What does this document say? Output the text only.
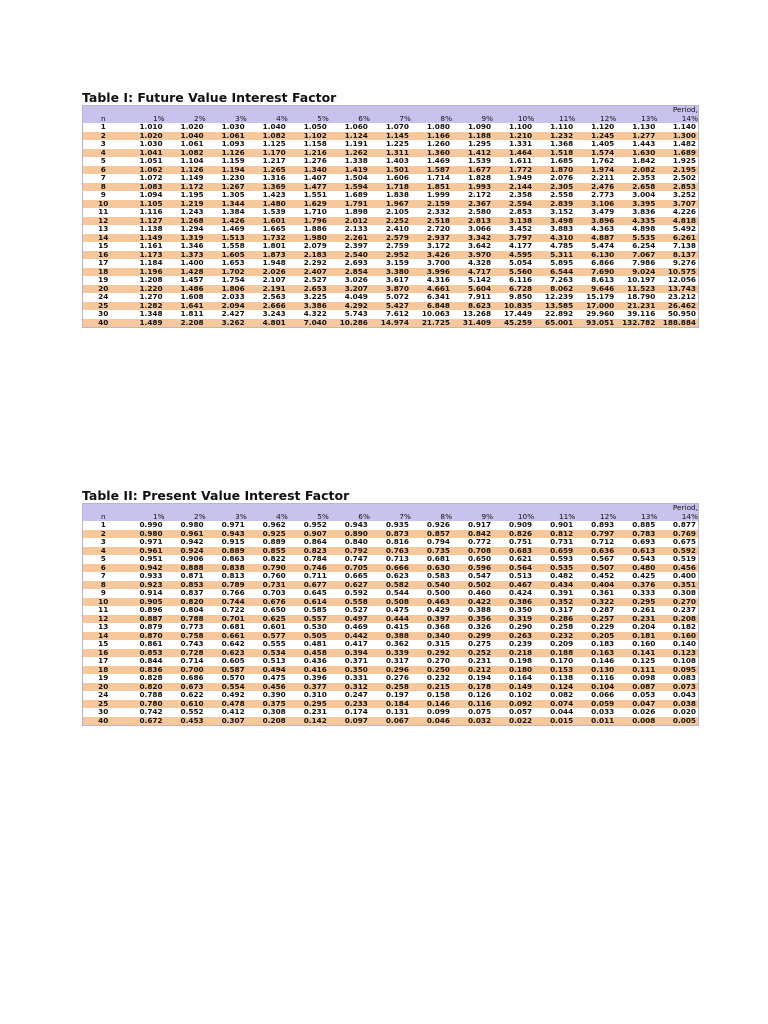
Table I: Future Value Interest Factor
Period,														
n	1%	2%	3%	4%	5%	6%	7%	8%	9%	10%	11%	12%	13%	14%
1	1.010	1.020	1.030	1.040	1.050	1.060	1.070	1.080	1.090	1.100	1.110	1.120	1.130	1.140
2	1.020	1.040	1.061	1.082	1.102	1.124	1.145	1.166	1.188	1.210	1.232	1.245	1.277	1.300
3	1.030	1.061	1.093	1.125	1.158	1.191	1.225	1.260	1.295	1.331	1.368	1.405	1.443	1.482
4	1.041	1.082	1.126	1.170	1.216	1.262	1.311	1.360	1.412	1.464	1.518	1.574	1.630	1.689
5	1.051	1.104	1.159	1.217	1.276	1.338	1.403	1.469	1.539	1.611	1.685	1.762	1.842	1.925
6	1.062	1.126	1.194	1.265	1.340	1.419	1.501	1.587	1.677	1.772	1.870	1.974	2.082	2.195
7	1.072	1.149	1.230	1.316	1.407	1.504	1.606	1.714	1.828	1.949	2.076	2.211	2.353	2.502
8	1.083	1.172	1.267	1.369	1.477	1.594	1.718	1.851	1.993	2.144	2.305	2.476	2.658	2.853
9	1.094	1.195	1.305	1.423	1.551	1.689	1.838	1.999	2.172	2.358	2.558	2.773	3.004	3.252
10	1.105	1.219	1.344	1.480	1.629	1.791	1.967	2.159	2.367	2.594	2.839	3.106	3.395	3.707
11	1.116	1.243	1.384	1.539	1.710	1.898	2.105	2.332	2.580	2.853	3.152	3.479	3.836	4.226
12	1.127	1.268	1.426	1.601	1.796	2.012	2.252	2.518	2.813	3.138	3.498	3.896	4.335	4.818
13	1.138	1.294	1.469	1.665	1.886	2.133	2.410	2.720	3.066	3.452	3.883	4.363	4.898	5.492
14	1.149	1.319	1.513	1.732	1.980	2.261	2.579	2.937	3.342	3.797	4.310	4.887	5.535	6.261
15	1.161	1.346	1.558	1.801	2.079	2.397	2.759	3.172	3.642	4.177	4.785	5.474	6.254	7.138
16	1.173	1.373	1.605	1.873	2.183	2.540	2.952	3.426	3.970	4.595	5.311	6.130	7.067	8.137
17	1.184	1.400	1.653	1.948	2.292	2.693	3.159	3.700	4.328	5.054	5.895	6.866	7.986	9.276
18	1.196	1.428	1.702	2.026	2.407	2.854	3.380	3.996	4.717	5.560	6.544	7.690	9.024	10.575
19	1.208	1.457	1.754	2.107	2.527	3.026	3.617	4.316	5.142	6.116	7.263	8.613	10.197	12.056
20	1.220	1.486	1.806	2.191	2.653	3.207	3.870	4.661	5.604	6.728	8.062	9.646	11.523	13.743
24	1.270	1.608	2.033	2.563	3.225	4.049	5.072	6.341	7.911	9.850	12.239	15.179	18.790	23.212
25	1.282	1.641	2.094	2.666	3.386	4.292	5.427	6.848	8.623	10.835	13.585	17.000	21.231	26.462
30	1.348	1.811	2.427	3.243	4.322	5.743	7.612	10.063	13.268	17.449	22.892	29.960	39.116	50.950
40	1.489	2.208	3.262	4.801	7.040	10.286	14.974	21.725	31.409	45.259	65.001	93.051	132.782	188.884
Table II: Present Value Interest Factor
Period,														
n	1%	2%	3%	4%	5%	6%	7%	8%	9%	10%	11%	12%	13%	14%
1	0.990	0.980	0.971	0.962	0.952	0.943	0.935	0.926	0.917	0.909	0.901	0.893	0.885	0.877
2	0.980	0.961	0.943	0.925	0.907	0.890	0.873	0.857	0.842	0.826	0.812	0.797	0.783	0.769
3	0.971	0.942	0.915	0.889	0.864	0.840	0.816	0.794	0.772	0.751	0.731	0.712	0.693	0.675
4	0.961	0.924	0.889	0.855	0.823	0.792	0.763	0.735	0.708	0.683	0.659	0.636	0.613	0.592
5	0.951	0.906	0.863	0.822	0.784	0.747	0.713	0.681	0.650	0.621	0.593	0.567	0.543	0.519
6	0.942	0.888	0.838	0.790	0.746	0.705	0.666	0.630	0.596	0.564	0.535	0.507	0.480	0.456
7	0.933	0.871	0.813	0.760	0.711	0.665	0.623	0.583	0.547	0.513	0.482	0.452	0.425	0.400
8	0.923	0.853	0.789	0.731	0.677	0.627	0.582	0.540	0.502	0.467	0.434	0.404	0.376	0.351
9	0.914	0.837	0.766	0.703	0.645	0.592	0.544	0.500	0.460	0.424	0.391	0.361	0.333	0.308
10	0.905	0.820	0.744	0.676	0.614	0.558	0.508	0.463	0.422	0.386	0.352	0.322	0.295	0.270
11	0.896	0.804	0.722	0.650	0.585	0.527	0.475	0.429	0.388	0.350	0.317	0.287	0.261	0.237
12	0.887	0.788	0.701	0.625	0.557	0.497	0.444	0.397	0.356	0.319	0.286	0.257	0.231	0.208
13	0.879	0.773	0.681	0.601	0.530	0.469	0.415	0.368	0.326	0.290	0.258	0.229	0.204	0.182
14	0.870	0.758	0.661	0.577	0.505	0.442	0.388	0.340	0.299	0.263	0.232	0.205	0.181	0.160
15	0.861	0.743	0.642	0.555	0.481	0.417	0.362	0.315	0.275	0.239	0.209	0.183	0.160	0.140
16	0.853	0.728	0.623	0.534	0.458	0.394	0.339	0.292	0.252	0.218	0.188	0.163	0.141	0.123
17	0.844	0.714	0.605	0.513	0.436	0.371	0.317	0.270	0.231	0.198	0.170	0.146	0.125	0.108
18	0.836	0.700	0.587	0.494	0.416	0.350	0.296	0.250	0.212	0.180	0.153	0.130	0.111	0.095
19	0.828	0.686	0.570	0.475	0.396	0.331	0.276	0.232	0.194	0.164	0.138	0.116	0.098	0.083
20	0.820	0.673	0.554	0.456	0.377	0.312	0.258	0.215	0.178	0.149	0.124	0.104	0.087	0.073
24	0.788	0.622	0.492	0.390	0.310	0.247	0.197	0.158	0.126	0.102	0.082	0.066	0.053	0.043
25	0.780	0.610	0.478	0.375	0.295	0.233	0.184	0.146	0.116	0.092	0.074	0.059	0.047	0.038
30	0.742	0.552	0.412	0.308	0.231	0.174	0.131	0.099	0.075	0.057	0.044	0.033	0.026	0.020
40	0.672	0.453	0.307	0.208	0.142	0.097	0.067	0.046	0.032	0.022	0.015	0.011	0.008	0.005
